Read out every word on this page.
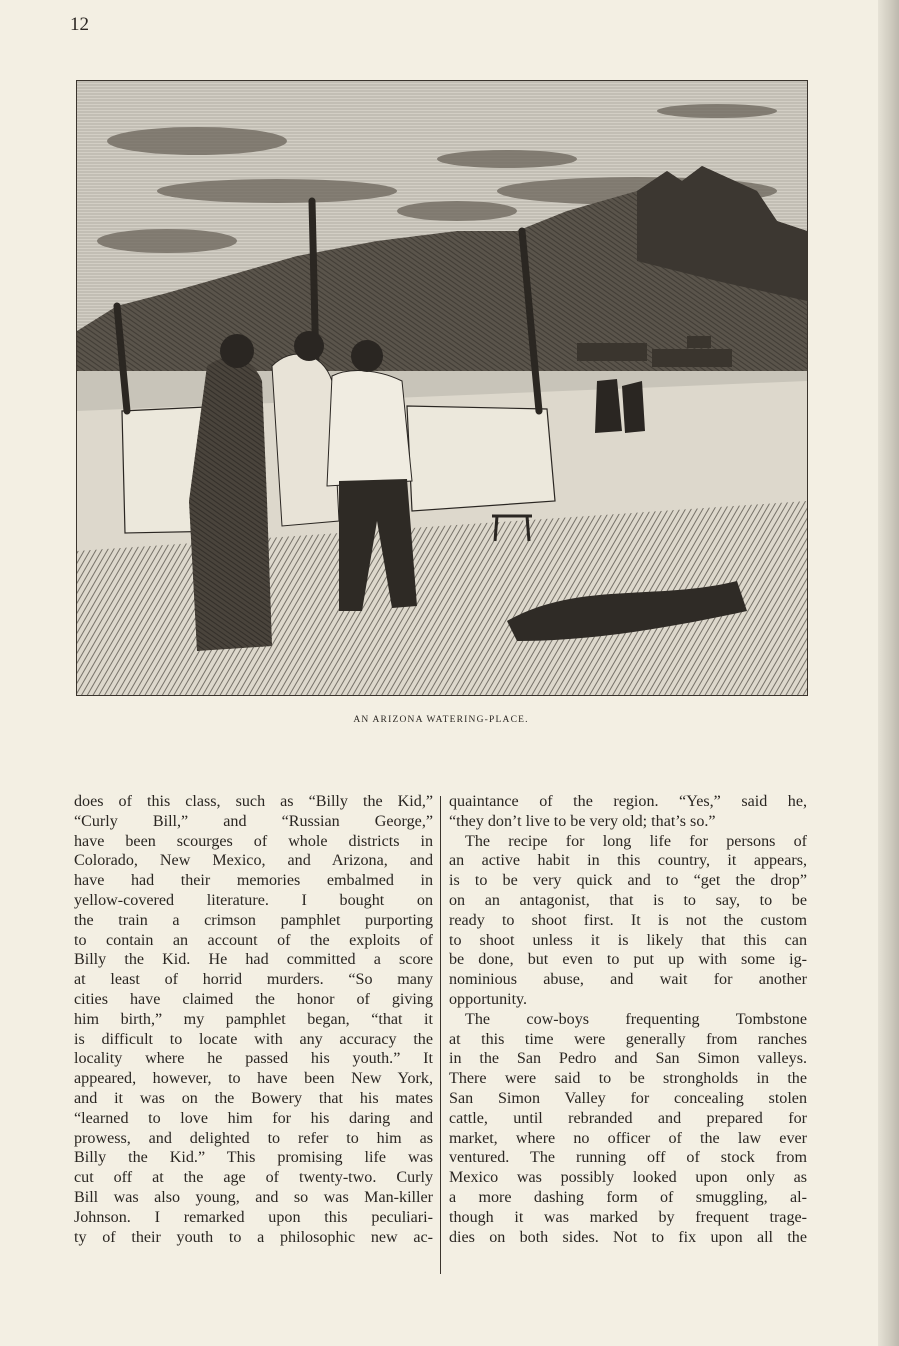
12
AN ARIZONA WATERING-PLACE.
does of this class, such as “Billy the Kid,”
“Curly Bill,” and “Russian George,”
have been scourges of whole districts in
Colorado, New Mexico, and Arizona, and
have had their memories embalmed in
yellow-covered literature. I bought on
the train a crimson pamphlet purporting
to contain an account of the exploits of
Billy the Kid. He had committed a score
at least of horrid murders. “So many
cities have claimed the honor of giving
him birth,” my pamphlet began, “that it
is difficult to locate with any accuracy the
locality where he passed his youth.” It
appeared, however, to have been New York,
and it was on the Bowery that his mates
“learned to love him for his daring and
prowess, and delighted to refer to him as
Billy the Kid.” This promising life was
cut off at the age of twenty-two. Curly
Bill was also young, and so was Man-killer
Johnson. I remarked upon this peculiari-
ty of their youth to a philosophic new ac-
quaintance of the region. “Yes,” said he,
“they don’t live to be very old; that’s so.”
The recipe for long life for persons of
an active habit in this country, it appears,
is to be very quick and to “get the drop”
on an antagonist, that is to say, to be
ready to shoot first. It is not the custom
to shoot unless it is likely that this can
be done, but even to put up with some ig-
nominious abuse, and wait for another
opportunity.
The cow-boys frequenting Tombstone
at this time were generally from ranches
in the San Pedro and San Simon valleys.
There were said to be strongholds in the
San Simon Valley for concealing stolen
cattle, until rebranded and prepared for
market, where no officer of the law ever
ventured. The running off of stock from
Mexico was possibly looked upon only as
a more dashing form of smuggling, al-
though it was marked by frequent trage-
dies on both sides. Not to fix upon all the
